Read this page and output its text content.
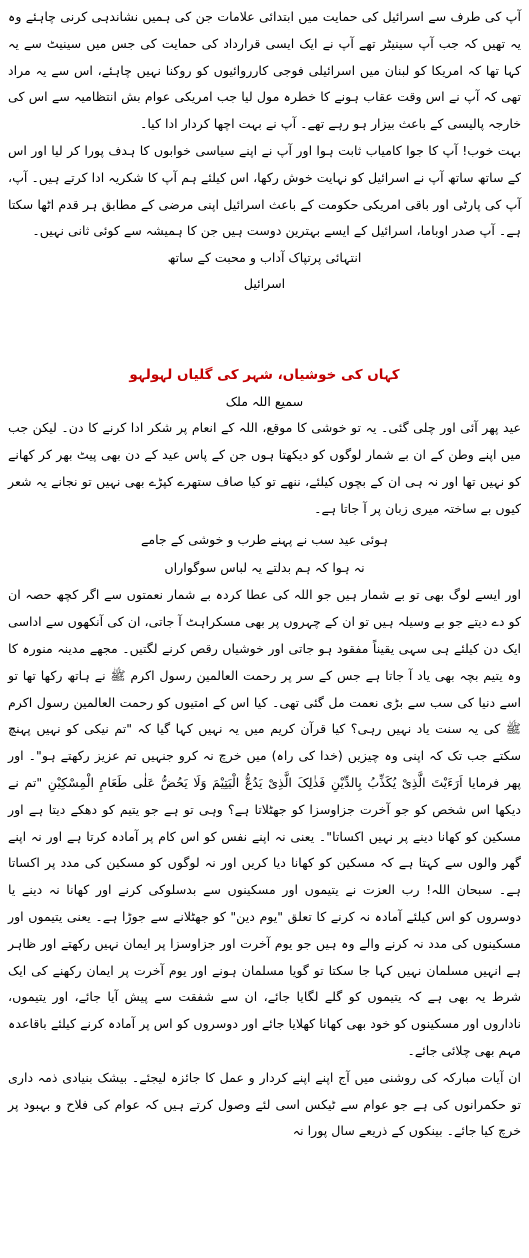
آپ کی طرف سے اسرائیل کی حمایت میں ابتدائی علامات جن کی ہمیں نشاندہی کرنی چاہئے وہ یہ تھیں کہ جب آپ سینیٹر تھے آپ نے ایک ایسی قرارداد کی حمایت کی جس میں سینیٹ سے یہ کہا تھا کہ امریکا کو لبنان میں اسرائیلی فوجی کارروائیوں کو روکنا نہیں چاہئے، اس سے یہ مراد تھی کہ آپ نے اس وقت عقاب ہونے کا خطرہ مول لیا جب امریکی عوام بش انتظامیہ سے اس کی خارجہ پالیسی کے باعث بیزار ہو رہے تھے۔ آپ نے بہت اچھا کردار ادا کیا۔

بہت خوب! آپ کا جوا کامیاب ثابت ہوا اور آپ نے اپنے سیاسی خوابوں کا ہدف پورا کر لیا اور اس کے ساتھ ساتھ آپ نے اسرائیل کو نہایت خوش رکھا، اس کیلئے ہم آپ کا شکریہ ادا کرتے ہیں۔ آپ، آپ کی پارٹی اور باقی امریکی حکومت کے باعث اسرائیل اپنی مرضی کے مطابق ہر قدم اٹھا سکتا ہے۔ آپ صدر اوباما، اسرائیل کے ایسے بہترین دوست ہیں جن کا ہمیشہ سے کوئی ثانی نہیں۔

انتہائی پرتپاک آداب و محبت کے ساتھ

اسرائیل

کہاں کی خوشیاں، شہر کی گلیاں لہولہو

سمیع اللہ ملک

عید پھر آئی اور چلی گئی۔ یہ تو خوشی کا موقع، اللہ کے انعام پر شکر ادا کرنے کا دن۔ لیکن جب میں اپنے وطن کے ان بے شمار لوگوں کو دیکھتا ہوں جن کے پاس عید کے دن بھی پیٹ بھر کر کھانے کو نہیں تھا اور نہ ہی ان کے بچوں کیلئے، ننھے تو کیا صاف ستھرے کپڑے بھی نہیں تو نجانے یہ شعر کیوں بے ساختہ میری زبان پر آ جاتا ہے۔

ہوئی عید سب نے پہنے طرب و خوشی کے جامے

نہ ہوا کہ ہم بدلتے یہ لباس سوگواراں

اور ایسے لوگ بھی تو بے شمار ہیں جو اللہ کی عطا کردہ بے شمار نعمتوں سے اگر کچھ حصہ ان کو دے دیتے جو بے وسیلہ ہیں تو ان کے چہروں پر بھی مسکراہٹ آ جاتی، ان کی آنکھوں سے اداسی ایک دن کیلئے ہی سہی یقیناً مفقود ہو جاتی اور خوشیاں رقص کرنے لگتیں۔ مجھے مدینہ منورہ کا وہ یتیم بچہ بھی یاد آ جاتا ہے جس کے سر پر رحمت العالمین رسول اکرم ﷺ نے ہاتھ رکھا تھا تو اسے دنیا کی سب سے بڑی نعمت مل گئی تھی۔ کیا اس کے امتیوں کو رحمت العالمین رسول اکرم ﷺ کی یہ سنت یاد نہیں رہی؟ کیا قرآن کریم میں یہ نہیں کہا گیا کہ "تم نیکی کو نہیں پہنچ سکتے جب تک کہ اپنی وہ چیزیں (خدا کی راہ) میں خرچ نہ کرو جنہیں تم عزیز رکھتے ہو"۔ اور پھر فرمایا اَرَءَیْتَ الَّذِیْ یُکَذِّبُ بِالدِّیْنِ فَذٰلِکَ الَّذِیْ یَدُعُّ الْیَتِیْمَ وَلَا یَحُضُّ عَلٰی طَعَامِ الْمِسْکِیْنِ "تم نے دیکھا اس شخص کو جو آخرت جزاوسزا کو جھٹلاتا ہے؟ وہی تو ہے جو یتیم کو دھکے دیتا ہے اور مسکین کو کھانا دینے پر نہیں اکساتا"۔ یعنی نہ اپنے نفس کو اس کام پر آمادہ کرتا ہے اور نہ اپنے گھر والوں سے کہتا ہے کہ مسکین کو کھانا دیا کریں اور نہ لوگوں کو مسکین کی مدد پر اکساتا ہے۔ سبحان اللہ! رب العزت نے یتیموں اور مسکینوں سے بدسلوکی کرنے اور کھانا نہ دینے یا دوسروں کو اس کیلئے آمادہ نہ کرنے کا تعلق "یوم دین" کو جھٹلانے سے جوڑا ہے۔ یعنی یتیموں اور مسکینوں کی مدد نہ کرنے والے وہ ہیں جو یوم آخرت اور جزاوسزا پر ایمان نہیں رکھتے اور ظاہر ہے انہیں مسلمان نہیں کہا جا سکتا تو گویا مسلمان ہونے اور یوم آخرت پر ایمان رکھنے کی ایک شرط یہ بھی ہے کہ یتیموں کو گلے لگایا جائے، ان سے شفقت سے پیش آیا جائے، اور یتیموں، ناداروں اور مسکینوں کو خود بھی کھانا کھلایا جائے اور دوسروں کو اس پر آمادہ کرنے کیلئے باقاعدہ مہم بھی چلائی جائے۔

ان آیات مبارکہ کی روشنی میں آج اپنے اپنے کردار و عمل کا جائزہ لیجئے۔ بیشک بنیادی ذمہ داری تو حکمرانوں کی ہے جو عوام سے ٹیکس اسی لئے وصول کرتے ہیں کہ عوام کی فلاح و بہبود پر خرچ کیا جائے۔ بینکوں کے ذریعے سال پورا نہ
